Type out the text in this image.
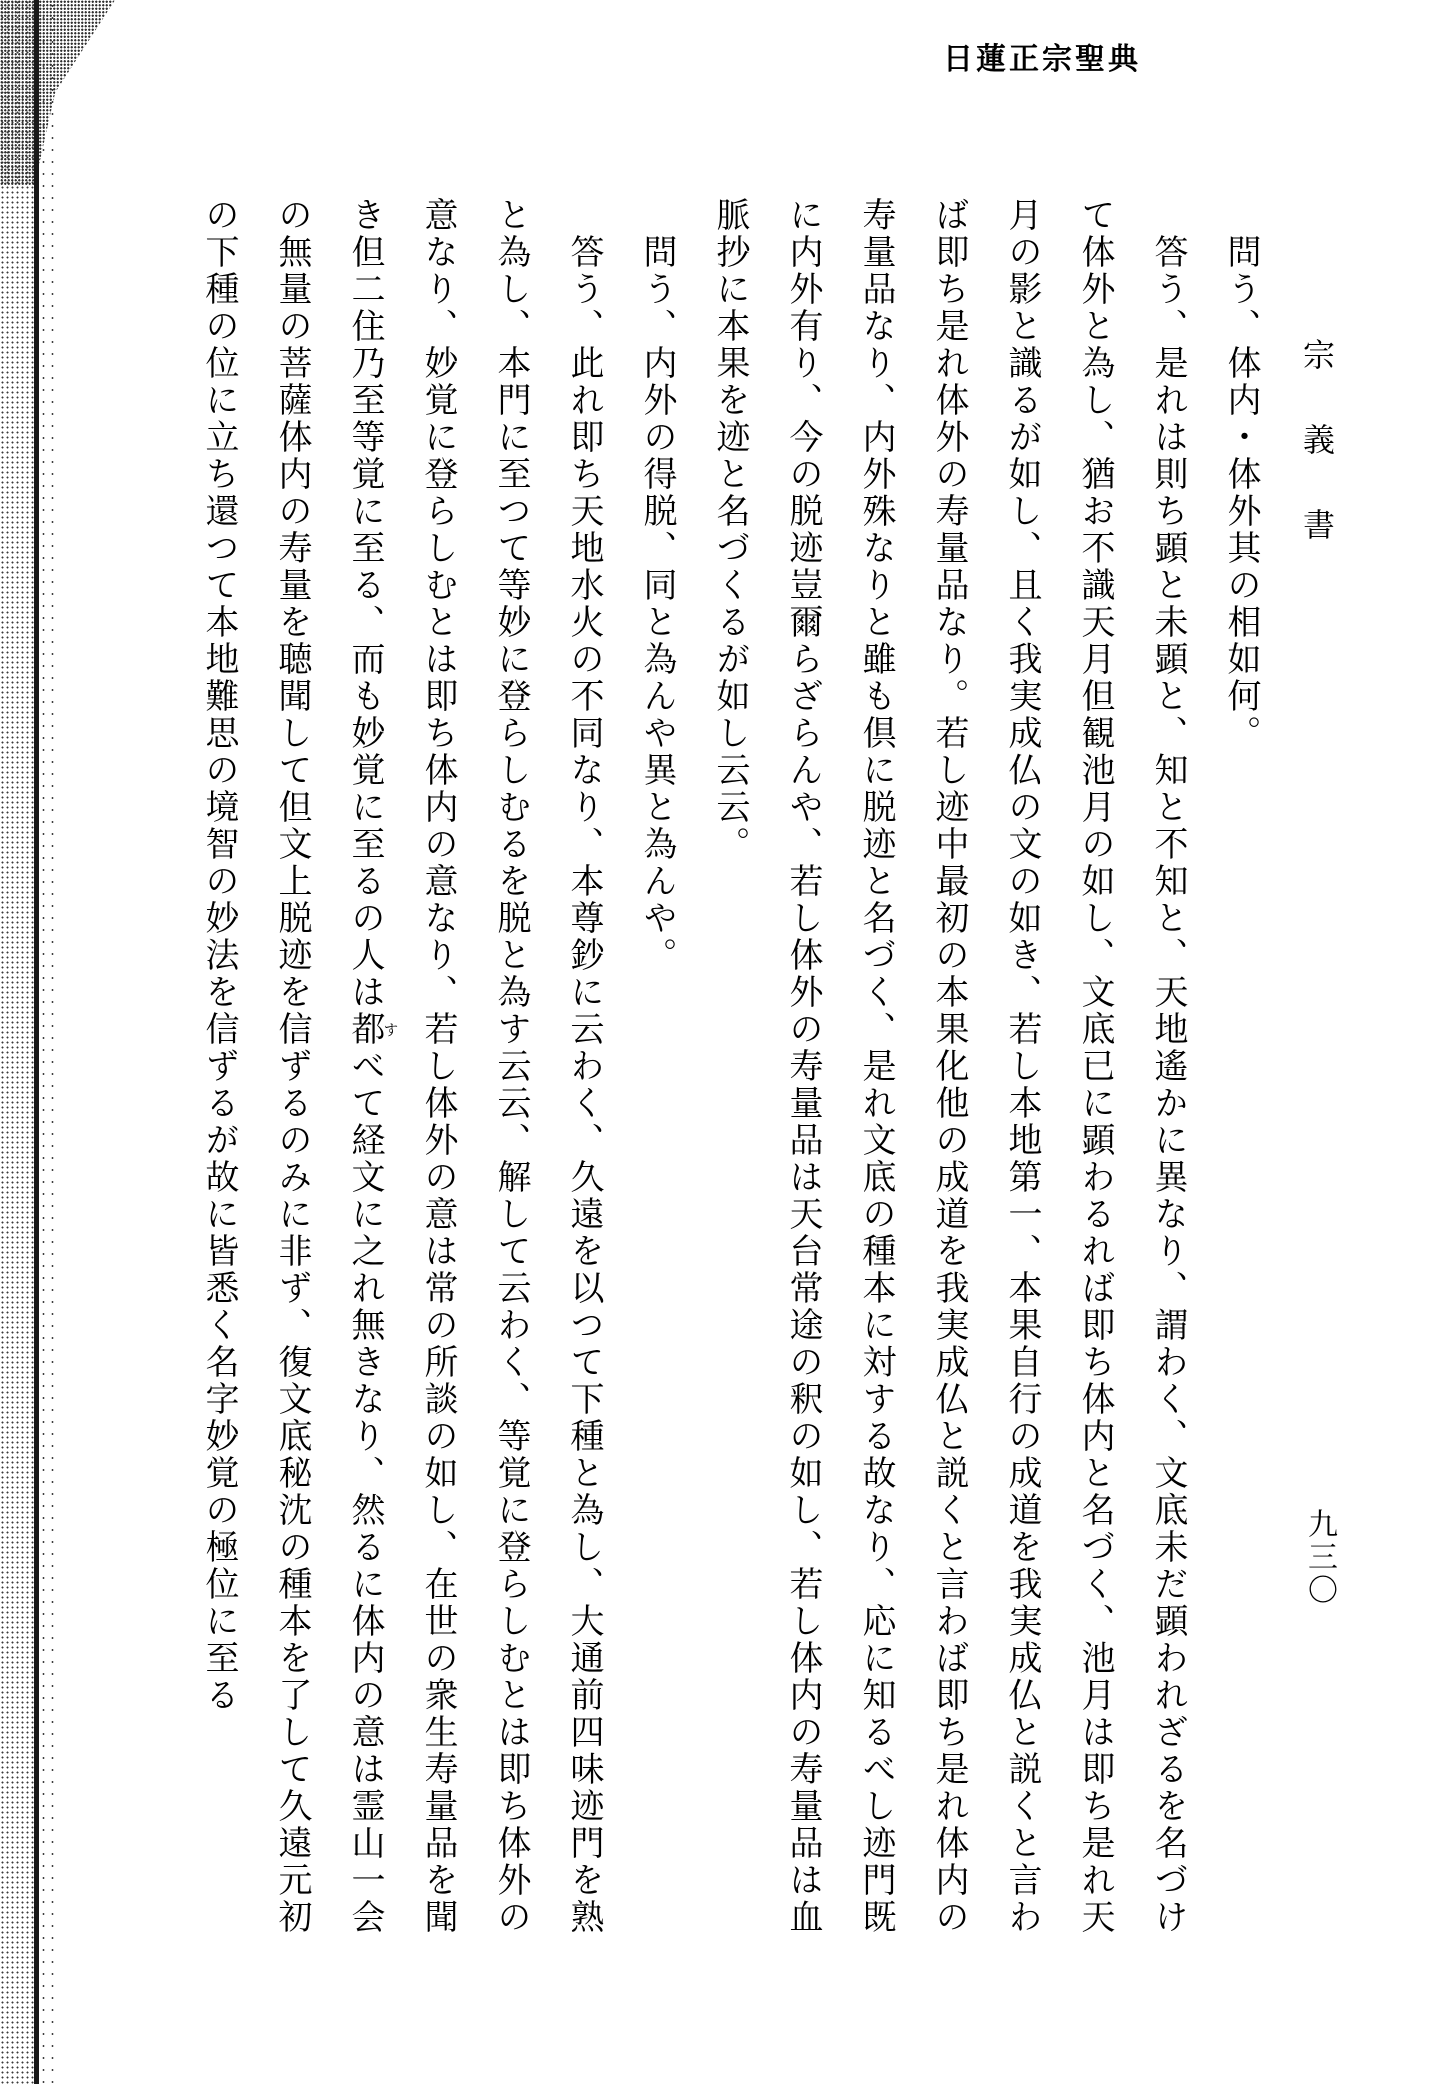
日蓮正宗聖典
宗義書
九三〇

問う、体内・体外其の相如何。

答う、是れは則ち顕と未顕と、知と不知と、天地遙かに異なり、謂わく、文底未だ顕われざるを名づけて体外と為し、猶お不識天月但観池月の如し、文底已に顕わるれば即ち体内と名づく、池月は即ち是れ天月の影と識るが如し、且く我実成仏の文の如き、若し本地第一、本果自行の成道を我実成仏と説くと言わば即ち是れ体外の寿量品なり。若し迹中最初の本果化他の成道を我実成仏と説くと言わば即ち是れ体内の寿量品なり、内外殊なりと雖も倶に脱迹と名づく、是れ文底の種本に対する故なり、応に知るべし迹門既に内外有り、今の脱迹豈爾らざらんや、若し体外の寿量品は天台常途の釈の如し、若し体内の寿量品は血脈抄に本果を迹と名づくるが如し云云。

問う、内外の得脱、同と為んや異と為んや。

答う、此れ即ち天地水火の不同なり、本尊鈔に云わく、久遠を以つて下種と為し、大通前四味迹門を熟と為し、本門に至つて等妙に登らしむるを脱と為す云云、解して云わく、等覚に登らしむとは即ち体外の意なり、妙覚に登らしむとは即ち体内の意なり、若し体外の意は常の所談の如し、在世の衆生寿量品を聞き但二住乃至等覚に至る、而も妙覚に至るの人は都すべて経文に之れ無きなり、然るに体内の意は霊山一会の無量の菩薩体内の寿量を聴聞して但文上脱迹を信ずるのみに非ず、復文底秘沈の種本を了して久遠元初の下種の位に立ち還つて本地難思の境智の妙法を信ずるが故に皆悉く名字妙覚の極位に至る
